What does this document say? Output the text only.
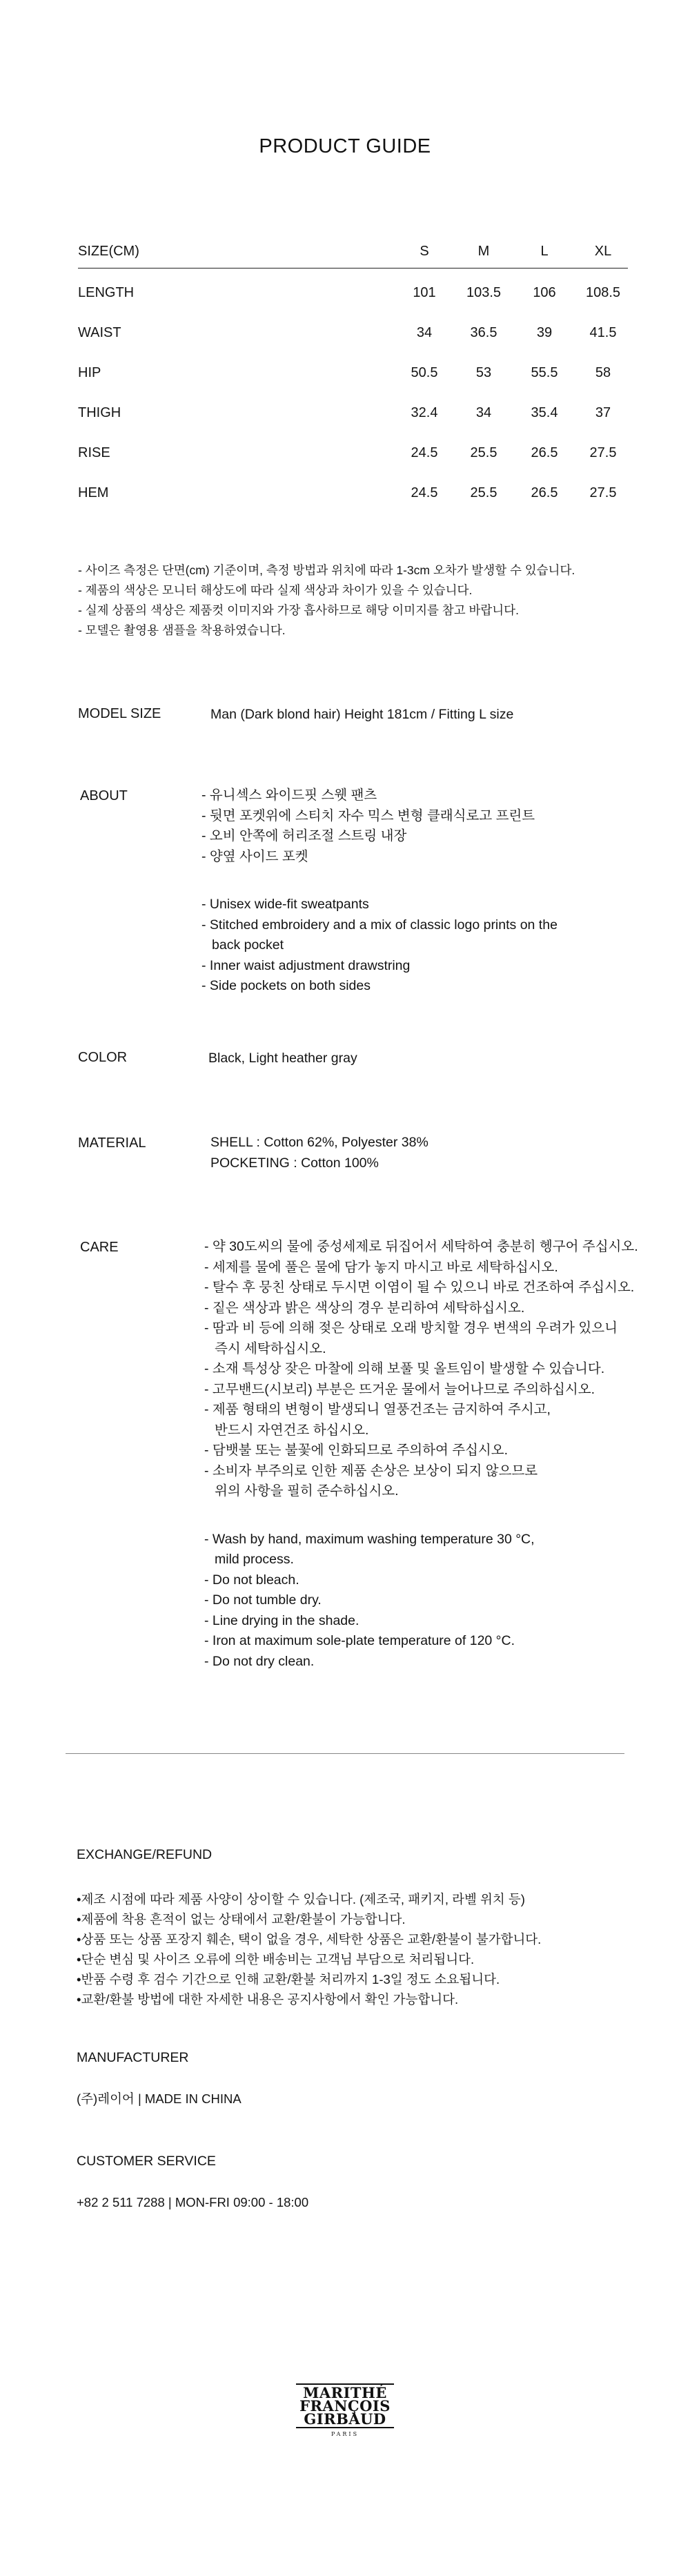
PRODUCT GUIDE
SIZE(CM)	S	M	L	XL
LENGTH	101	103.5	106	108.5
WAIST	34	36.5	39	41.5
HIP	50.5	53	55.5	58
THIGH	32.4	34	35.4	37
RISE	24.5	25.5	26.5	27.5
HEM	24.5	25.5	26.5	27.5
- 사이즈 측정은 단면(cm) 기준이며, 측정 방법과 위치에 따라 1-3cm 오차가 발생할 수 있습니다.
- 제품의 색상은 모니터 해상도에 따라 실제 색상과 차이가 있을 수 있습니다.
- 실제 상품의 색상은 제품컷 이미지와 가장 흡사하므로 해당 이미지를 참고 바랍니다.
- 모델은 촬영용 샘플을 착용하였습니다.
MODEL SIZE	Man (Dark blond hair) Height 181cm / Fitting L size
ABOUT	- 유니섹스 와이드핏 스웻 팬츠
- 뒷면 포켓위에 스티치 자수 믹스 변형 클래식로고 프린트
- 오비 안쪽에 허리조절 스트링 내장
- 양옆 사이드 포켓
- Unisex wide-fit sweatpants
- Stitched embroidery and a mix of classic logo prints on the
back pocket
- Inner waist adjustment drawstring
- Side pockets on both sides
COLOR	Black, Light heather gray
MATERIAL	SHELL : Cotton 62%, Polyester 38%
POCKETING : Cotton 100%
CARE	- 약 30도씨의 물에 중성세제로 뒤집어서 세탁하여 충분히 헹구어 주십시오.
- 세제를 물에 풀은 물에 담가 놓지 마시고 바로 세탁하십시오.
- 탈수 후 뭉친 상태로 두시면 이염이 될 수 있으니 바로 건조하여 주십시오.
- 짙은 색상과 밝은 색상의 경우 분리하여 세탁하십시오.
- 땀과 비 등에 의해 젖은 상태로 오래 방치할 경우 변색의 우려가 있으니
즉시 세탁하십시오.
- 소재 특성상 잦은 마찰에 의해 보풀 및 올트임이 발생할 수 있습니다.
- 고무밴드(시보리) 부분은 뜨거운 물에서 늘어나므로 주의하십시오.
- 제품 형태의 변형이 발생되니 열풍건조는 금지하여 주시고,
반드시 자연건조 하십시오.
- 담뱃불 또는 불꽃에 인화되므로 주의하여 주십시오.
- 소비자 부주의로 인한 제품 손상은 보상이 되지 않으므로
위의 사항을 필히 준수하십시오.
- Wash by hand, maximum washing temperature 30 °C,
mild process.
- Do not bleach.
- Do not tumble dry.
- Line drying in the shade.
- Iron at maximum sole-plate temperature of 120 °C.
- Do not dry clean.
EXCHANGE/REFUND
•제조 시점에 따라 제품 사양이 상이할 수 있습니다. (제조국, 패키지, 라벨 위치 등)
•제품에 착용 흔적이 없는 상태에서 교환/환불이 가능합니다.
•상품 또는 상품 포장지 훼손, 택이 없을 경우, 세탁한 상품은 교환/환불이 불가합니다.
•단순 변심 및 사이즈 오류에 의한 배송비는 고객님 부담으로 처리됩니다.
•반품 수령 후 검수 기간으로 인해 교환/환불 처리까지 1-3일 정도 소요됩니다.
•교환/환불 방법에 대한 자세한 내용은 공지사항에서 확인 가능합니다.
MANUFACTURER
(주)레이어 | MADE IN CHINA
CUSTOMER SERVICE
+82 2 511 7288 | MON-FRI 09:00 - 18:00
MARITHÉ
FRANÇOIS
GIRBAUD
PARIS
